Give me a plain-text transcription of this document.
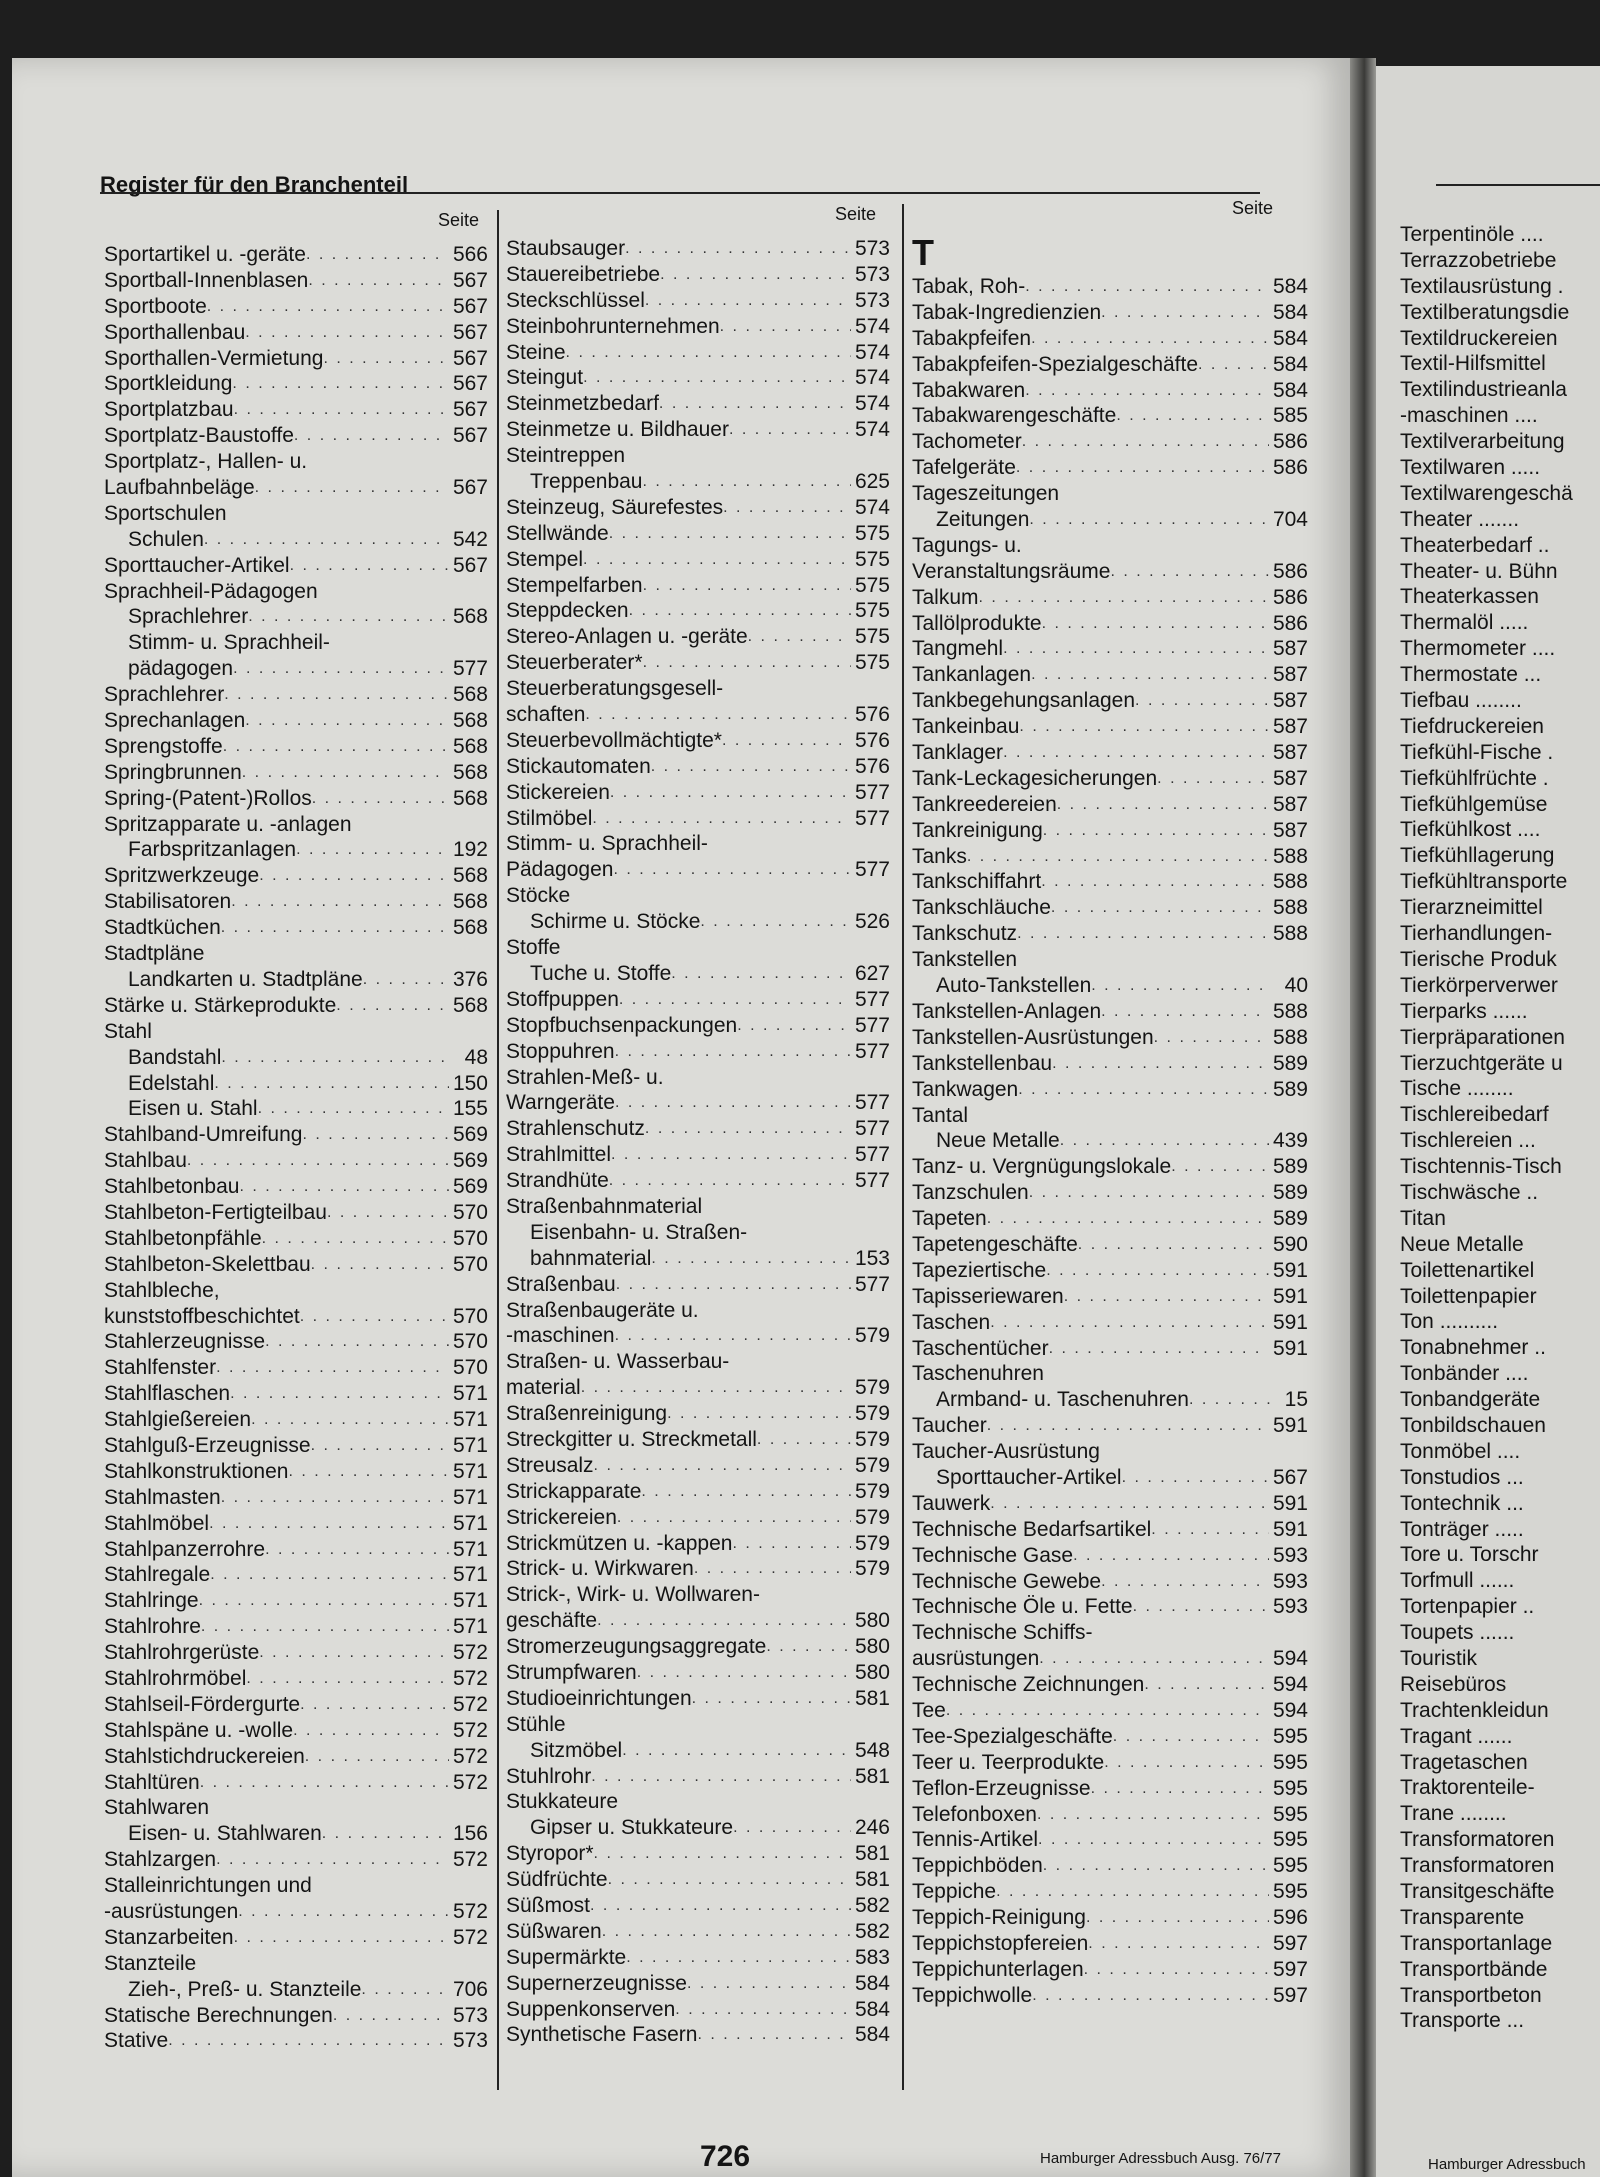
Register für den Branchenteil
Seite	Seite	Seite
Sportartikel u. -geräte . . .	566
Sportball-Innenblasen . . .	567
Sportboote . . .	567
Sporthallenbau . . .	567
Sporthallen-Vermietung . . .	567
Sportkleidung . . .	567
Sportplatzbau . . .	567
Sportplatz-Baustoffe . . .	567
Sportplatz-, Hallen- u.
Laufbahnbeläge . . .	567
Sportschulen
Schulen . . .	542
Sporttaucher-Artikel . . .	567
Sprachheil-Pädagogen
Sprachlehrer . . .	568
Stimm- u. Sprachheil-
pädagogen . . .	577
Sprachlehrer . . .	568
Sprechanlagen . . .	568
Sprengstoffe . . .	568
Springbrunnen . . .	568
Spring-(Patent-)Rollos . . .	568
Spritzapparate u. -anlagen
Farbspritzanlagen . . .	192
Spritzwerkzeuge . . .	568
Stabilisatoren . . .	568
Stadtküchen . . .	568
Stadtpläne
Landkarten u. Stadtpläne . . .	376
Stärke u. Stärkeprodukte . . .	568
Stahl
Bandstahl . . .	48
Edelstahl . . .	150
Eisen u. Stahl . . .	155
Stahlband-Umreifung . . .	569
Stahlbau . . .	569
Stahlbetonbau . . .	569
Stahlbeton-Fertigteilbau . . .	570
Stahlbetonpfähle . . .	570
Stahlbeton-Skelettbau . . .	570
Stahlbleche,
kunststoffbeschichtet . . .	570
Stahlerzeugnisse . . .	570
Stahlfenster . . .	570
Stahlflaschen . . .	571
Stahlgießereien . . .	571
Stahlguß-Erzeugnisse . . .	571
Stahlkonstruktionen . . .	571
Stahlmasten . . .	571
Stahlmöbel . . .	571
Stahlpanzerrohre . . .	571
Stahlregale . . .	571
Stahlringe . . .	571
Stahlrohre . . .	571
Stahlrohrgerüste . . .	572
Stahlrohrmöbel . . .	572
Stahlseil-Fördergurte . . .	572
Stahlspäne u. -wolle . . .	572
Stahlstichdruckereien . . .	572
Stahltüren . . .	572
Stahlwaren
Eisen- u. Stahlwaren . . .	156
Stahlzargen . . .	572
Stalleinrichtungen und
-ausrüstungen . . .	572
Stanzarbeiten . . .	572
Stanzteile
Zieh-, Preß- u. Stanzteile . . .	706
Statische Berechnungen . . .	573
Stative . . .	573
Staubsauger . . .	573
Stauereibetriebe . . .	573
Steckschlüssel . . .	573
Steinbohrunternehmen . . .	574
Steine . . .	574
Steingut . . .	574
Steinmetzbedarf . . .	574
Steinmetze u. Bildhauer . . .	574
Steintreppen
Treppenbau . . .	625
Steinzeug, Säurefestes . . .	574
Stellwände . . .	575
Stempel . . .	575
Stempelfarben . . .	575
Steppdecken . . .	575
Stereo-Anlagen u. -geräte . . .	575
Steuerberater* . . .	575
Steuerberatungsgesell-
schaften . . .	576
Steuerbevollmächtigte* . . .	576
Stickautomaten . . .	576
Stickereien . . .	577
Stilmöbel . . .	577
Stimm- u. Sprachheil-
Pädagogen . . .	577
Stöcke
Schirme u. Stöcke . . .	526
Stoffe
Tuche u. Stoffe . . .	627
Stoffpuppen . . .	577
Stopfbuchsenpackungen . . .	577
Stoppuhren . . .	577
Strahlen-Meß- u.
Warngeräte . . .	577
Strahlenschutz . . .	577
Strahlmittel . . .	577
Strandhüte . . .	577
Straßenbahnmaterial
Eisenbahn- u. Straßen-
bahnmaterial . . .	153
Straßenbau . . .	577
Straßenbaugeräte u.
-maschinen . . .	579
Straßen- u. Wasserbau-
material . . .	579
Straßenreinigung . . .	579
Streckgitter u. Streckmetall . . .	579
Streusalz . . .	579
Strickapparate . . .	579
Strickereien . . .	579
Strickmützen u. -kappen . . .	579
Strick- u. Wirkwaren . . .	579
Strick-, Wirk- u. Wollwaren-
geschäfte . . .	580
Stromerzeugungsaggregate . . .	580
Strumpfwaren . . .	580
Studioeinrichtungen . . .	581
Stühle
Sitzmöbel . . .	548
Stuhlrohr . . .	581
Stukkateure
Gipser u. Stukkateure . . .	246
Styropor* . . .	581
Südfrüchte . . .	581
Süßmost . . .	582
Süßwaren . . .	582
Supermärkte . . .	583
Supernerzeugnisse . . .	584
Suppenkonserven . . .	584
Synthetische Fasern . . .	584
T
Tabak, Roh- . . .	584
Tabak-Ingredienzien . . .	584
Tabakpfeifen . . .	584
Tabakpfeifen-Spezialgeschäfte . . .	584
Tabakwaren . . .	584
Tabakwarengeschäfte . . .	585
Tachometer . . .	586
Tafelgeräte . . .	586
Tageszeitungen
Zeitungen . . .	704
Tagungs- u.
Veranstaltungsräume . . .	586
Talkum . . .	586
Tallölprodukte . . .	586
Tangmehl . . .	587
Tankanlagen . . .	587
Tankbegehungsanlagen . . .	587
Tankeinbau . . .	587
Tanklager . . .	587
Tank-Leckagesicherungen . . .	587
Tankreedereien . . .	587
Tankreinigung . . .	587
Tanks . . .	588
Tankschiffahrt . . .	588
Tankschläuche . . .	588
Tankschutz . . .	588
Tankstellen
Auto-Tankstellen . . .	40
Tankstellen-Anlagen . . .	588
Tankstellen-Ausrüstungen . . .	588
Tankstellenbau . . .	589
Tankwagen . . .	589
Tantal
Neue Metalle . . .	439
Tanz- u. Vergnügungslokale . . .	589
Tanzschulen . . .	589
Tapeten . . .	589
Tapetengeschäfte . . .	590
Tapeziertische . . .	591
Tapisseriewaren . . .	591
Taschen . . .	591
Taschentücher . . .	591
Taschenuhren
Armband- u. Taschenuhren . . .	15
Taucher . . .	591
Taucher-Ausrüstung
Sporttaucher-Artikel . . .	567
Tauwerk . . .	591
Technische Bedarfsartikel . . .	591
Technische Gase . . .	593
Technische Gewebe . . .	593
Technische Öle u. Fette . . .	593
Technische Schiffs-
ausrüstungen . . .	594
Technische Zeichnungen . . .	594
Tee . . .	594
Tee-Spezialgeschäfte . . .	595
Teer u. Teerprodukte . . .	595
Teflon-Erzeugnisse . . .	595
Telefonboxen . . .	595
Tennis-Artikel . . .	595
Teppichböden . . .	595
Teppiche . . .	595
Teppich-Reinigung . . .	596
Teppichstopfereien . . .	597
Teppichunterlagen . . .	597
Teppichwolle . . .	597
726	Hamburger Adressbuch Ausg. 76/77
Terpentinöle ....
Terrazzobetriebe
Textilausrüstung .
Textilberatungsdie
Textildruckereien
Textil-Hilfsmittel
Textilindustrieanla
-maschinen ....
Textilverarbeitung
Textilwaren .....
Textilwarengeschä
Theater .......
Theaterbedarf ..
Theater- u. Bühn
Theaterkassen
Thermalöl .....
Thermometer ....
Thermostate ...
Tiefbau ........
Tiefdruckereien
Tiefkühl-Fische .
Tiefkühlfrüchte .
Tiefkühlgemüse
Tiefkühlkost ....
Tiefkühllagerung
Tiefkühltransporte
Tierarzneimittel
Tierhandlungen-
Tierische Produk
Tierkörperverwer
Tierparks ......
Tierpräparationen
Tierzuchtgeräte u
Tische ........
Tischlereibedarf
Tischlereien ...
Tischtennis-Tisch
Tischwäsche ..
Titan
Neue Metalle
Toilettenartikel
Toilettenpapier
Ton ..........
Tonabnehmer ..
Tonbänder ....
Tonbandgeräte
Tonbildschauen
Tonmöbel ....
Tonstudios ...
Tontechnik ...
Tonträger .....
Tore u. Torschr
Torfmull ......
Tortenpapier ..
Toupets ......
Touristik
Reisebüros
Trachtenkleidun
Tragant ......
Tragetaschen
Traktorenteile-
Trane ........
Transformatoren
Transformatoren
Transitgeschäfte
Transparente
Transportanlage
Transportbände
Transportbeton
Transporte ...
Hamburger Adressbuch
